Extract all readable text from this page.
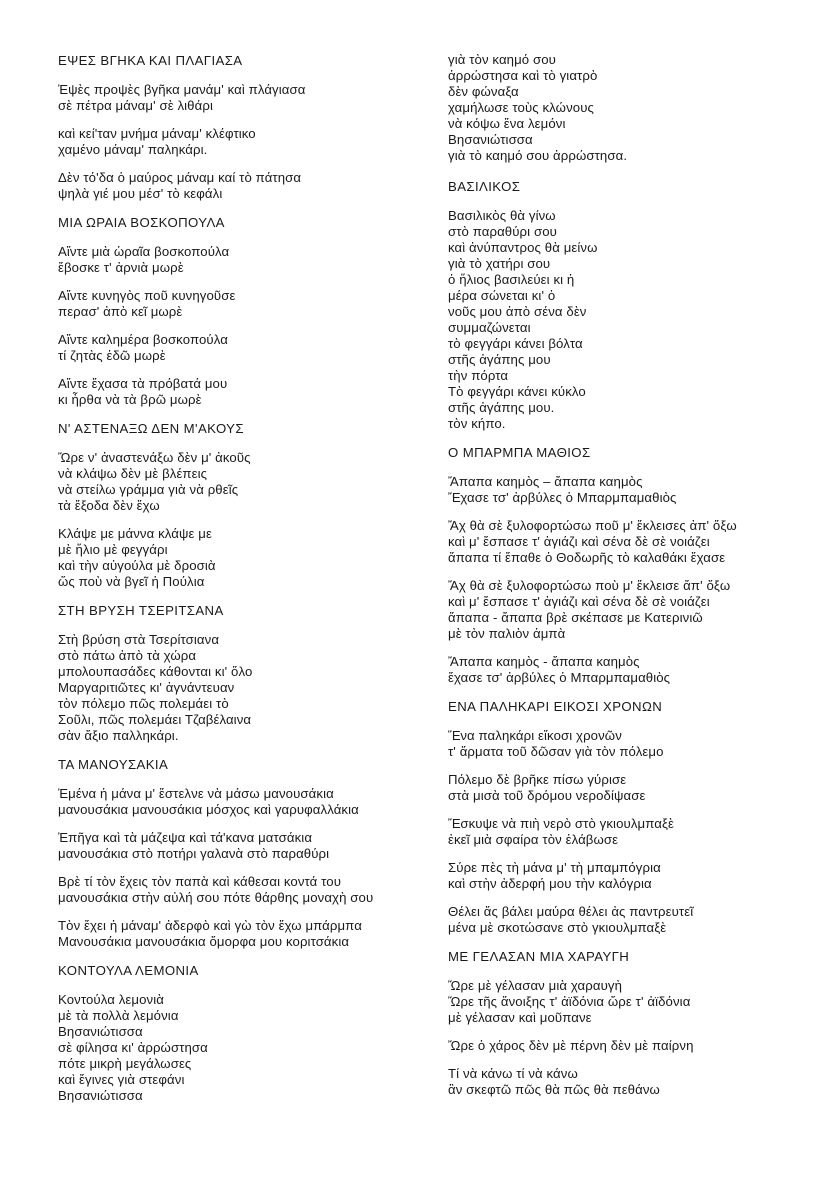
ΕΨΕΣ ΒΓΗΚΑ ΚΑΙ ΠΛΑΓΙΑΣΑ
Ἐψὲς προψὲς βγῆκα μανάμ' καὶ πλάγιασα
σὲ πέτρα μάναμ' σὲ λιθάρι
καὶ κεί'ταν μνήμα μάναμ' κλέφτικο
χαμένο μάναμ' παληκάρι.
Δὲν τό'δα ὁ μαύρος μάναμ καί τὸ πάτησα
ψηλὰ γιέ μου μέσ' τὸ κεφάλι
ΜΙΑ ΩΡΑΙΑ ΒΟΣΚΟΠΟΥΛΑ
Αἴντε μιὰ ὡραῖα βοσκοπούλα
ἔβοσκε τ' ἀρνιὰ μωρὲ
Αἴντε κυνηγὸς ποῦ κυνηγοῦσε
περασ' ἀπὸ κεῖ μωρὲ
Αἴντε καλημέρα βοσκοπούλα
τί ζητὰς ἐδῶ μωρὲ
Αἴντε ἔχασα τὰ πρόβατά μου
κι ἦρθα νὰ τὰ βρῶ μωρὲ
Ν' ΑΣΤΕΝΑΞΩ ΔΕΝ Μ'ΑΚΟΥΣ
Ὤρε ν' ἀναστενάξω δὲν μ' ἀκοῦς
νὰ κλάψω δὲν μὲ βλέπεις
νὰ στείλω γράμμα γιὰ νὰ ρθεῖς
τὰ ἔξοδα δὲν ἔχω
Κλάψε με μάννα κλάψε με
μὲ ἥλιο μὲ φεγγάρι
καὶ τὴν αὐγούλα μὲ δροσιὰ
ὥς ποὺ νὰ βγεῖ ἡ Πούλια
ΣΤΗ ΒΡΥΣΗ ΤΣΕΡΙΤΣΑΝΑ
Στὴ βρύση στὰ Τσερίτσιανα
στὸ πάτω ἀπὸ τὰ χώρα
μπολουπασάδες κάθονται κι' ὅλο
Μαργαριτιῶτες κι' ἀγνάντευαν
τὸν πόλεμο πῶς πολεμάει τὸ
Σοῦλι, πῶς πολεμάει Τζαβέλαινα
σὰν ἄξιο παλληκάρι.
ΤΑ ΜΑΝΟΥΣΑΚΙΑ
Ἐμένα ἡ μάνα μ' ἔστελνε νὰ μάσω μανουσάκια
μανουσάκια μανουσάκια μόσχος καὶ γαρυφαλλάκια
Ἐπῆγα καὶ τὰ μάζεψα καὶ τά'κανα ματσάκια
μανουσάκια στὸ ποτήρι γαλανὰ στὸ παραθύρι
Βρὲ τί τὸν ἔχεις τὸν παπὰ καὶ κάθεσαι κοντά του
μανουσάκια στὴν αὐλή σου πότε θάρθης μοναχὴ σου
Τὸν ἔχει ἡ μάναμ' ἀδερφὸ καὶ γὼ τὸν ἔχω μπάρμπα
Μανουσάκια μανουσάκια ὄμορφα μου κοριτσάκια
ΚΟΝΤΟΥΛΑ ΛΕΜΟΝΙΑ
Κοντούλα λεμονιὰ
μὲ τὰ πολλὰ λεμόνια
Βησανιώτισσα
σὲ φίλησα κι' ἀρρώστησα
πότε μικρὴ μεγάλωσες
καὶ ἔγινες γιὰ στεφάνι
Βησανιώτισσα
γιὰ τὸν καημό σου
ἀρρώστησα καὶ τὸ γιατρὸ
δὲν φώναξα
χαμήλωσε τοὺς κλώνους
νὰ κόψω ἕνα λεμόνι
Βησανιώτισσα
γιὰ τὸ καημό σου ἀρρώστησα.
ΒΑΣΙΛΙΚΟΣ
Βασιλικὸς θὰ γίνω
στὸ παραθύρι σου
καὶ ἀνύπαντρος θὰ μείνω
γιὰ τὸ χατήρι σου
ὁ ἥλιος βασιλεύει κι ἡ
μέρα σώνεται κι' ὁ
νοῦς μου ἀπὸ σένα δὲν
συμμαζώνεται
τὸ φεγγάρι κάνει βόλτα
στῆς ἀγάπης μου
τὴν πόρτα
Τὸ φεγγάρι κάνει κύκλο
στῆς ἀγάπης μου.
τὸν κήπο.
Ο ΜΠΑΡΜΠΑ ΜΑΘΙΟΣ
Ἄπαπα καημὸς – ἄπαπα καημὸς
Ἔχασε τσ' ἀρβύλες ὁ Μπαρμπαμαθιὸς
Ἄχ θὰ σὲ ξυλοφορτώσω ποῦ μ' ἔκλεισες ἀπ' ὄξω
καὶ μ' ἔσπασε τ' ἀγιάζι καὶ σένα δὲ σὲ νοιάζει
ἄπαπα τί ἔπαθε ὁ Θοδωρῆς τὸ καλαθάκι ἔχασε
Ἄχ θὰ σὲ ξυλοφορτώσω ποὺ μ' ἔκλεισε ἄπ' ὄξω
καὶ μ' ἔσπασε τ' ἀγιάζι καὶ σένα δὲ σὲ νοιάζει
ἄπαπα - ἄπαπα βρὲ σκέπασε με Κατερινιῶ
μὲ τὸν παλιὸν ἀμπὰ
Ἄπαπα καημὸς - ἄπαπα καημὸς
ἔχασε τσ' ἀρβύλες ὁ Μπαρμπαμαθιὸς
ΕΝΑ ΠΑΛΗΚΑΡΙ ΕΙΚΟΣΙ ΧΡΟΝΩΝ
Ἕνα παληκάρι εἴκοσι χρονῶν
τ' ἅρματα τοῦ δῶσαν γιὰ τὸν πόλεμο
Πόλεμο δὲ βρῆκε πίσω γύρισε
στὰ μισὰ τοῦ δρόμου νεροδίψασε
Ἔσκυψε νὰ πιὴ νερὸ στὸ γκιουλμπαξὲ
ἐκεῖ μιὰ σφαίρα τὸν ἐλάβωσε
Σύρε πὲς τὴ μάνα μ' τὴ μπαμπόγρια
καὶ στὴν ἀδερφή μου τὴν καλόγρια
Θέλει ἄς βάλει μαύρα θέλει ἀς παντρευτεῖ
μένα μὲ σκοτώσανε στὸ γκιουλμπαξὲ
ΜΕ ΓΕΛΑΣΑΝ ΜΙΑ ΧΑΡΑΥΓΗ
Ὤρε μὲ γέλασαν μιὰ χαραυγὴ
Ὤρε τῆς ἄνοιξης τ' ἀϊδόνια ὤρε τ' ἀϊδόνια
μὲ γέλασαν καὶ μοῦπανε
Ὤρε ὁ χάρος δὲν μὲ πέρνη δὲν μὲ παίρνη
Τί νὰ κάνω τί νὰ κάνω
ἂν σκεφτῶ πῶς θὰ πῶς θὰ πεθάνω
